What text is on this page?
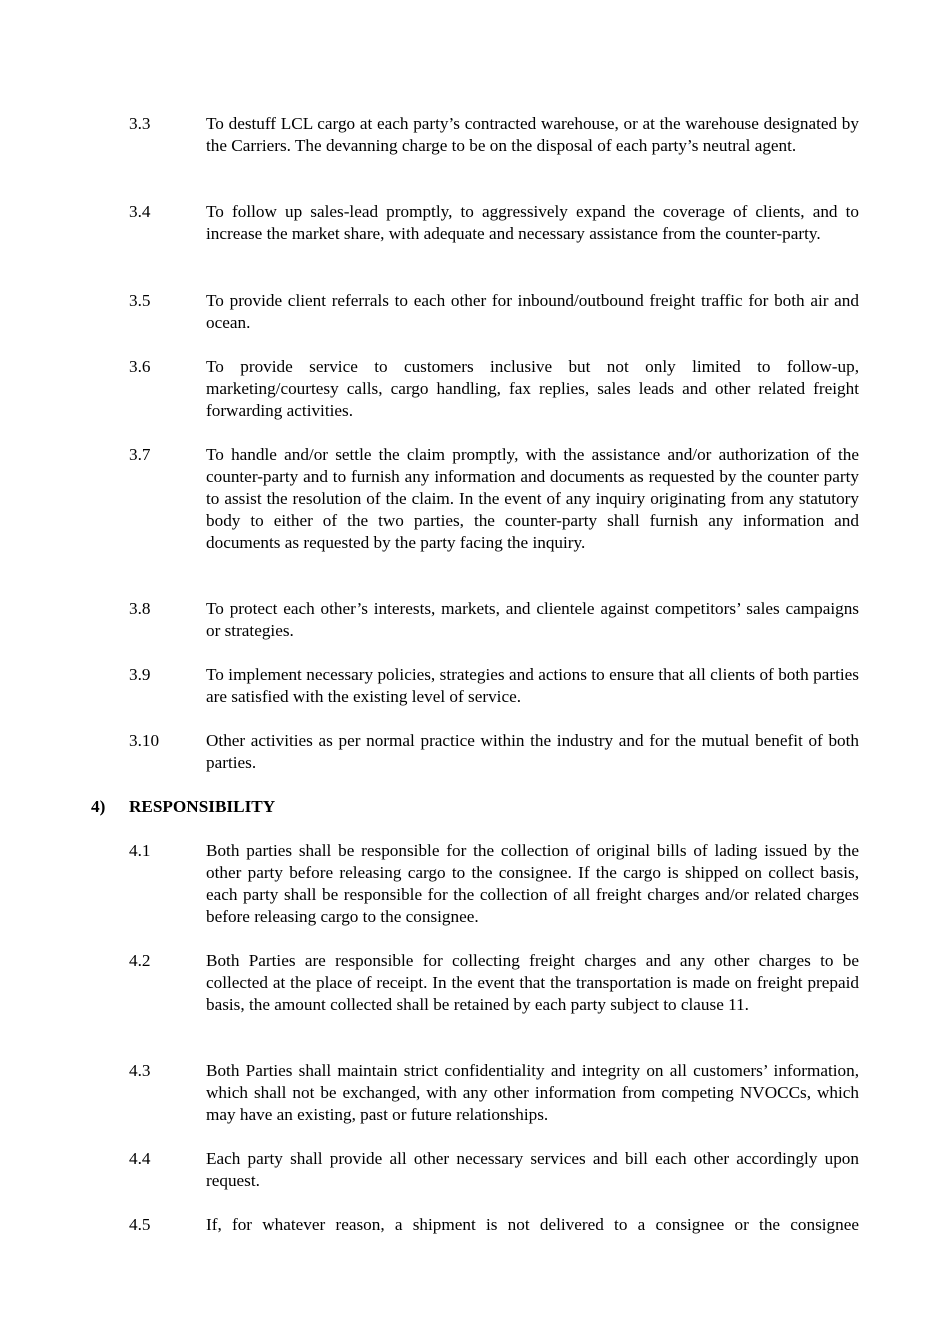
3.3	To destuff LCL cargo at each party’s contracted warehouse, or at the warehouse designated by the Carriers. The devanning charge to be on the disposal of each party’s neutral agent.
3.4	To follow up sales-lead promptly, to aggressively expand the coverage of clients, and to increase the market share, with adequate and necessary assistance from the counter-party.
3.5	To provide client referrals to each other for inbound/outbound freight traffic for both air and ocean.
3.6	To provide service to customers inclusive but not only limited to follow-up, marketing/courtesy calls, cargo handling, fax replies, sales leads and other related freight forwarding activities.
3.7	To handle and/or settle the claim promptly, with the assistance and/or authorization of the counter-party and to furnish any information and documents as requested by the counter party to assist the resolution of the claim. In the event of any inquiry originating from any statutory body to either of the two parties, the counter-party shall furnish any information and documents as requested by the party facing the inquiry.
3.8	To protect each other’s interests, markets, and clientele against competitors’ sales campaigns or strategies.
3.9	To implement necessary policies, strategies and actions to ensure that all clients of both parties are satisfied with the existing level of service.
3.10	Other activities as per normal practice within the industry and for the mutual benefit of both parties.
4) RESPONSIBILITY
4.1	Both parties shall be responsible for the collection of original bills of lading issued by the other party before releasing cargo to the consignee. If the cargo is shipped on collect basis, each party shall be responsible for the collection of all freight charges and/or related charges before releasing cargo to the consignee.
4.2	Both Parties are responsible for collecting freight charges and any other charges to be collected at the place of receipt. In the event that the transportation is made on freight prepaid basis, the amount collected shall be retained by each party subject to clause 11.
4.3	Both Parties shall maintain strict confidentiality and integrity on all customers’ information, which shall not be exchanged, with any other information from competing NVOCCs, which may have an existing, past or future relationships.
4.4	Each party shall provide all other necessary services and bill each other accordingly upon request.
4.5	If, for whatever reason, a shipment is not delivered to a consignee or the consignee
